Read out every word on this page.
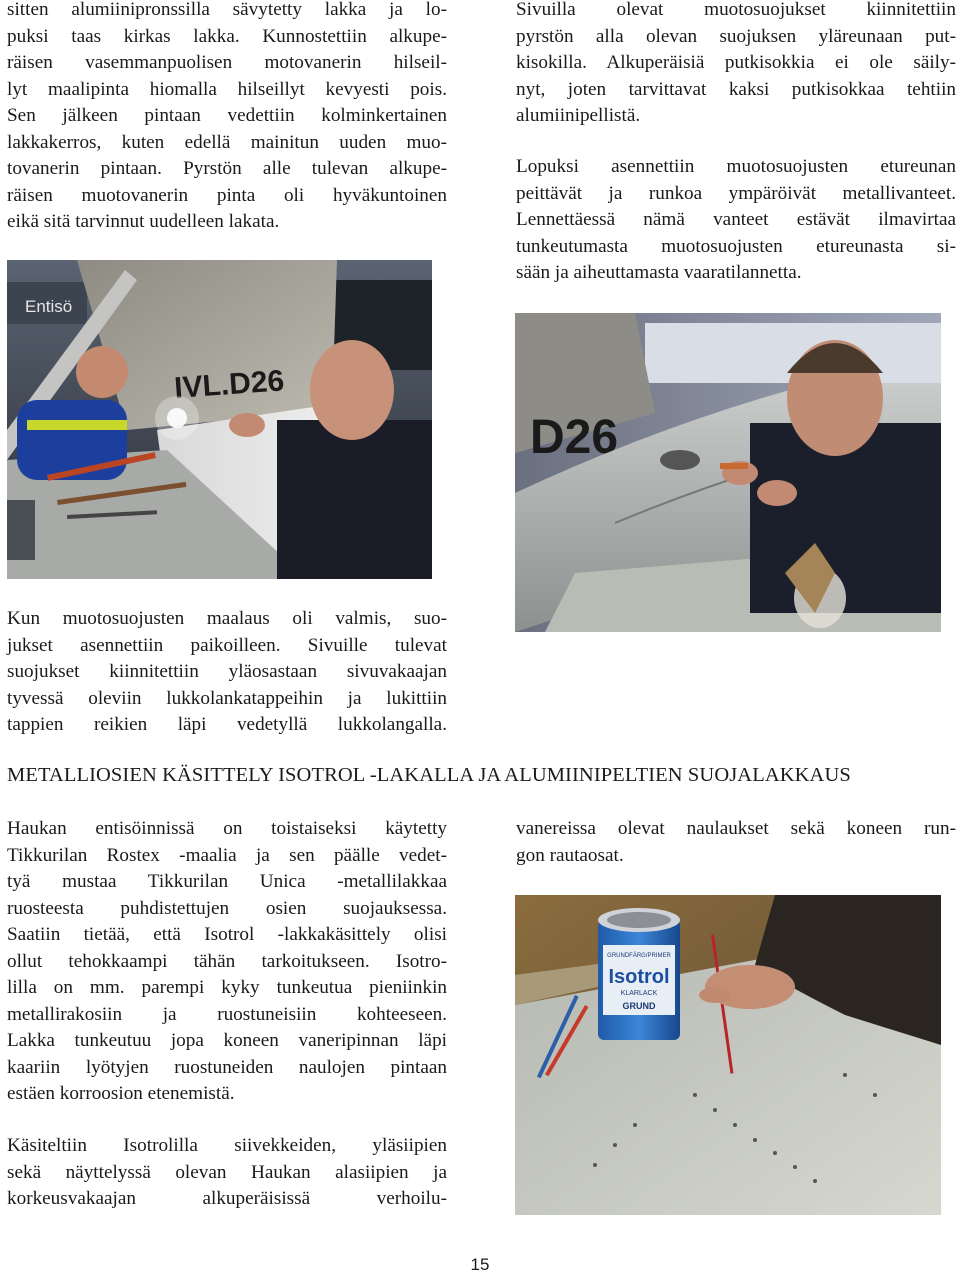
sitten alumiinipronssilla sävytetty lakka ja lo-
puksi taas kirkas lakka. Kunnostettiin alkupe-
räisen vasemmanpuolisen motovanerin hilseil-
lyt maalipinta hiomalla hilseillyt kevyesti pois.
Sen jälkeen pintaan vedettiin kolminkertainen
lakkakerros, kuten edellä mainitun uuden muo-
tovanerin pintaan. Pyrstön alle tulevan alkupe-
räisen muotovanerin pinta oli hyväkuntoinen
eikä sitä tarvinnut uudelleen lakata.
Sivuilla olevat muotosuojukset kiinnitettiin
pyrstön alla olevan suojuksen yläreunaan put-
kisokilla. Alkuperäisiä putkisokkia ei ole säily-
nyt, joten tarvittavat kaksi putkisokkaa tehtiin
alumiinipellistä.
Lopuksi asennettiin muotosuojusten etureunan
peittävät ja runkoa ympäröivät metallivanteet.
Lennettäessä nämä vanteet estävät ilmavirtaa
tunkeutumasta muotosuojusten etureunasta si-
sään ja aiheuttamasta vaaratilannetta.
Entisö
IVL.D26
D26
Kun muotosuojusten maalaus oli valmis, suo-
jukset asennettiin paikoilleen. Sivuille tulevat
suojukset kiinnitettiin yläosastaan sivuvakaajan
tyvessä oleviin lukkolankatappeihin ja lukittiin
tappien reikien läpi vedetyllä lukkolangalla.
METALLIOSIEN KÄSITTELY ISOTROL -LAKALLA JA ALUMIINIPELTIEN SUOJALAKKAUS
Haukan entisöinnissä on toistaiseksi käytetty
Tikkurilan Rostex -maalia ja sen päälle vedet-
tyä mustaa Tikkurilan Unica -metallilakkaa
ruosteesta puhdistettujen osien suojauksessa.
Saatiin tietää, että Isotrol -lakkakäsittely olisi
ollut tehokkaampi tähän tarkoitukseen. Isotro-
lilla on mm. parempi kyky tunkeutua pieniinkin
metallirakosiin ja ruostuneisiin kohteeseen.
Lakka tunkeutuu jopa koneen vaneripinnan läpi
kaariin lyötyjen ruostuneiden naulojen pintaan
estäen korroosion etenemistä.
Käsiteltiin Isotrolilla siivekkeiden, yläsiipien
sekä näyttelyssä olevan Haukan alasiipien ja
korkeusvakaajan alkuperäisissä verhoilu-
vanereissa olevat naulaukset sekä koneen run-
gon rautaosat.
GRUNDFÄRG/PRIMER
Isotrol
KLARLACK
GRUND
15
